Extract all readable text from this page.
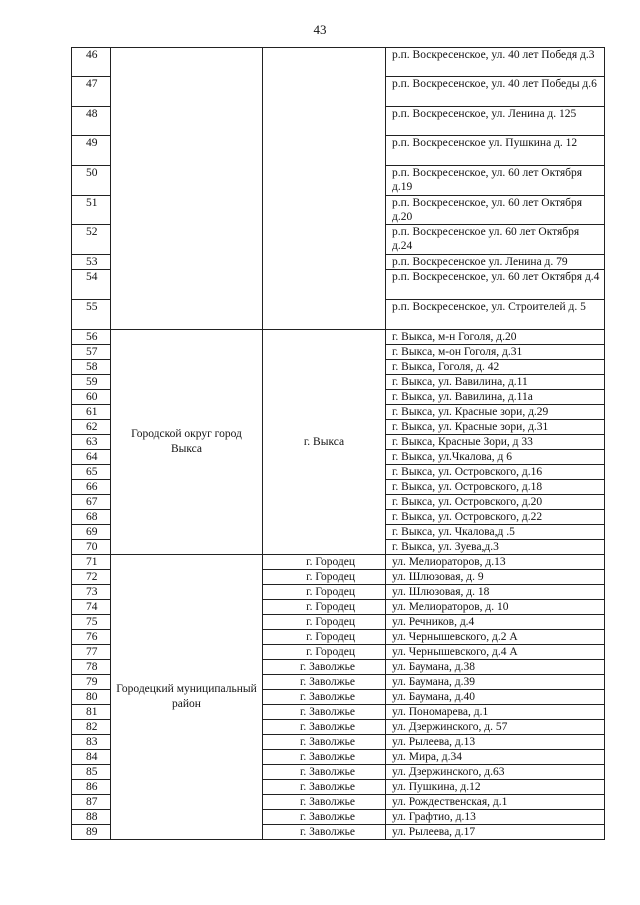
43
46			р.п. Воскресенское, ул. 40 лет Победя д.3
47			р.п. Воскресенское, ул. 40 лет Победы д.6
48			р.п. Воскресенское, ул. Ленина д. 125
49			р.п. Воскресенское ул. Пушкина д. 12
50			р.п. Воскресенское, ул. 60 лет Октября д.19
51			р.п. Воскресенское, ул. 60 лет Октября д.20
52			р.п. Воскресенское ул. 60 лет Октября д.24
53			р.п. Воскресенское ул. Ленина д. 79
54			р.п. Воскресенское, ул. 60 лет Октября д.4
55			р.п. Воскресенское, ул. Строителей д. 5
56	Городской округ город Выкса	г. Выкса	г. Выкса, м-н Гоголя, д.20
57			г. Выкса, м-он Гоголя, д.31
58			г. Выкса, Гоголя, д. 42
59			г. Выкса, ул. Вавилина, д.11
60			г. Выкса, ул. Вавилина, д.11а
61			г. Выкса, ул. Красные зори, д.29
62			г. Выкса, ул. Красные зори, д.31
63			г. Выкса, Красные Зори, д 33
64			г. Выкса, ул.Чкалова, д 6
65			г. Выкса, ул. Островского, д.16
66			г. Выкса, ул. Островского, д.18
67			г. Выкса, ул. Островского, д.20
68			г. Выкса, ул. Островского, д.22
69			г. Выкса, ул. Чкалова,д .5
70			г. Выкса, ул. Зуева,д.3
71	Городецкий муниципальный район	г. Городец	ул. Мелиораторов, д.13
72		г. Городец	ул. Шлюзовая, д. 9
73		г. Городец	ул. Шлюзовая, д. 18
74		г. Городец	ул. Мелиораторов, д. 10
75		г. Городец	ул. Речников, д.4
76		г. Городец	ул. Чернышевского, д.2 А
77		г. Городец	ул. Чернышевского, д.4 А
78		г. Заволжье	ул. Баумана, д.38
79		г. Заволжье	ул. Баумана, д.39
80		г. Заволжье	ул. Баумана, д.40
81		г. Заволжье	ул. Пономарева, д.1
82		г. Заволжье	ул. Дзержинского, д. 57
83		г. Заволжье	ул. Рылеева, д.13
84		г. Заволжье	ул. Мира, д.34
85		г. Заволжье	ул. Дзержинского, д.63
86		г. Заволжье	ул. Пушкина, д.12
87		г. Заволжье	ул. Рождественская, д.1
88		г. Заволжье	ул. Графтио, д.13
89		г. Заволжье	ул. Рылеева, д.17
